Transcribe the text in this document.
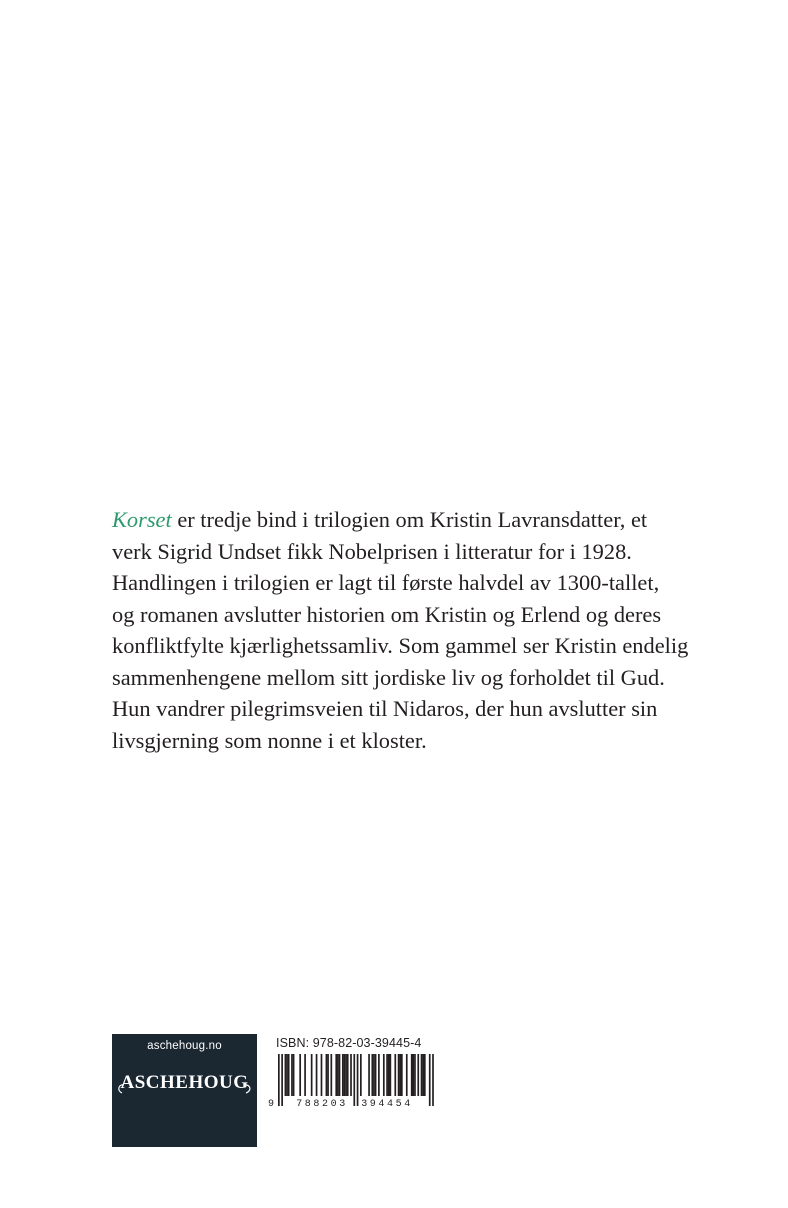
Korset er tredje bind i trilogien om Kristin Lavransdatter, et
verk Sigrid Undset fikk Nobelprisen i litteratur for i 1928.
Handlingen i trilogien er lagt til første halvdel av 1300-tallet,
og romanen avslutter historien om Kristin og Erlend og deres
konfliktfylte kjærlighetssamliv. Som gammel ser Kristin endelig
sammenhengene mellom sitt jordiske liv og forholdet til Gud.
Hun vandrer pilegrimsveien til Nidaros, der hun avslutter sin
livsgjerning som nonne i et kloster.

aschehoug.no
ASCHEHOUG
ISBN: 978-82-03-39445-4
9 788203 394454
